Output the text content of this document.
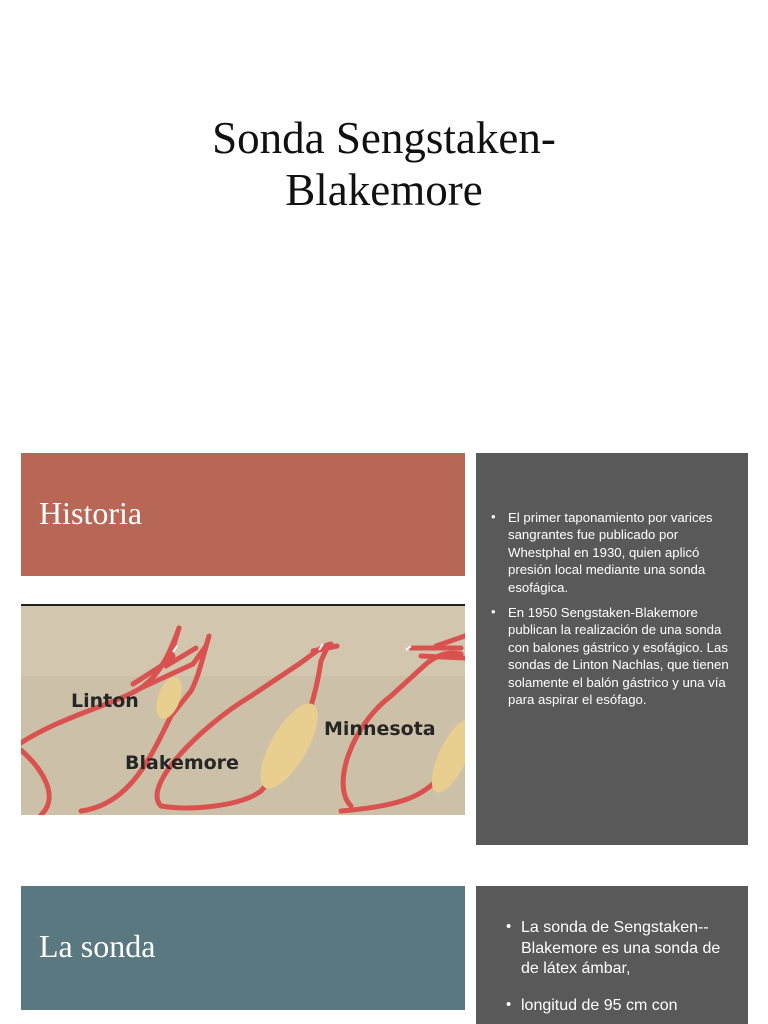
Sonda Sengstaken-
Blakemore
Historia
Linton
Blakemore
Minnesota
• El primer taponamiento por varices sangrantes fue publicado por Whestphal en 1930, quien aplicó presión local mediante una sonda esofágica.
• En 1950 Sengstaken-Blakemore publican la realización de una sonda con balones gástrico y esofágico. Las sondas de Linton Nachlas, que tienen solamente el balón gástrico y una vía para aspirar el esófago.
La sonda
• La sonda de Sengstaken--Blakemore es una sonda de de látex ámbar,
• longitud de 95 cm con
